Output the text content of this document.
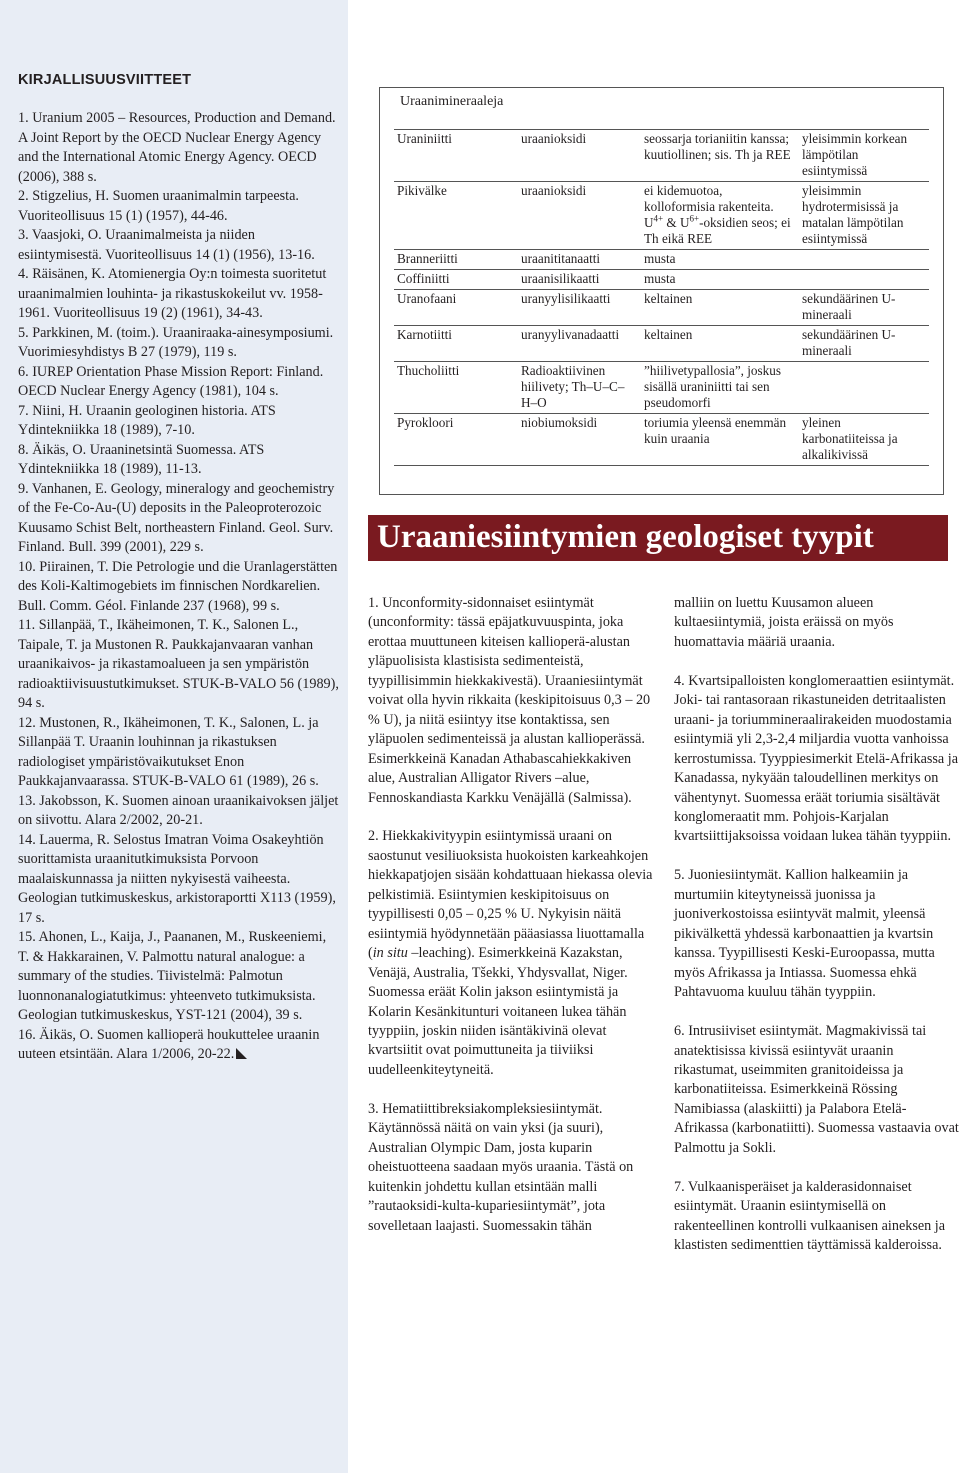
KIRJALLISUUSVIITTEET

1. Uranium 2005 – Resources, Production and Demand. A Joint Report by the OECD Nuclear Energy Agency and the International Atomic Energy Agency. OECD (2006), 388 s.

2. Stigzelius, H. Suomen uraanimalmin tarpeesta. Vuoriteollisuus 15 (1) (1957), 44-46.

3. Vaasjoki, O. Uraanimalmeista ja niiden esiintymisestä. Vuoriteollisuus 14 (1) (1956), 13-16.

4. Räisänen, K. Atomienergia Oy:n toimesta suoritetut uraanimalmien louhinta- ja rikastuskokeilut vv. 1958-1961. Vuoriteollisuus 19 (2) (1961), 34-43.

5. Parkkinen, M. (toim.). Uraaniraaka-ainesymposiumi. Vuorimiesyhdistys B 27 (1979), 119 s.

6. IUREP Orientation Phase Mission Report: Finland. OECD Nuclear Energy Agency (1981), 104 s.

7. Niini, H. Uraanin geologinen historia. ATS Ydintekniikka 18 (1989), 7-10.

8. Äikäs, O. Uraaninetsintä Suomessa. ATS Ydintekniikka 18 (1989), 11-13.

9. Vanhanen, E. Geology, mineralogy and geochemistry of the Fe-Co-Au-(U) deposits in the Paleoproterozoic Kuusamo Schist Belt, northeastern Finland. Geol. Surv. Finland. Bull. 399 (2001), 229 s.

10. Piirainen, T. Die Petrologie und die Uranlagerstätten des Koli-Kaltimogebiets im finnischen Nordkarelien. Bull. Comm. Géol. Finlande 237 (1968), 99 s.

11. Sillanpää, T., Ikäheimonen, T. K., Salonen L., Taipale, T. ja Mustonen R. Paukkajanvaaran vanhan uraanikaivos- ja rikastamoalueen ja sen ympäristön radioaktiivisuustutkimukset. STUK-B-VALO 56 (1989), 94 s.

12. Mustonen, R., Ikäheimonen, T. K., Salonen, L. ja Sillanpää T. Uraanin louhinnan ja rikastuksen radiologiset ympäristövaikutukset Enon Paukkajanvaarassa. STUK-B-VALO 61 (1989), 26 s.

13. Jakobsson, K. Suomen ainoan uraanikaivoksen jäljet on siivottu. Alara 2/2002, 20-21.

14. Lauerma, R. Selostus Imatran Voima Osakeyhtiön suorittamista uraanitutkimuksista Porvoon maalaiskunnassa ja niitten nykyisestä vaiheesta. Geologian tutkimuskeskus, arkistoraportti X113 (1959), 17 s.

15. Ahonen, L., Kaija, J., Paananen, M., Ruskeeniemi, T. & Hakkarainen, V. Palmottu natural analogue: a summary of the studies. Tiivistelmä: Palmotun luonnonanalogiatutkimus: yhteenveto tutkimuksista. Geologian tutkimuskeskus, YST-121 (2004), 39 s.

16. Äikäs, O. Suomen kallioperä houkuttelee uraanin uuteen etsintään. Alara 1/2006, 20-22.

Uraanimineraaleja

Uraniniitti	uraanioksidi	seossarja torianiitin kanssa; kuutiollinen; sis. Th ja REE	yleisimmin korkean lämpötilan esiintymissä
Pikivälke	uraanioksidi	ei kidemuotoa, kolloformisia rakenteita. $U^{4+}$ & $U^{6+}$-oksidien seos; ei Th eikä REE	yleisimmin hydrotermisissä ja matalan lämpötilan esiintymissä
Branneriitti	uraanititanaatti	musta	
Coffiniitti	uraanisilikaatti	musta	
Uranofaani	uranyylisilikaatti	keltainen	sekundäärinen U-mineraali
Karnotiitti	uranyylivanadaatti	keltainen	sekundäärinen U-mineraali
Thucholiitti	Radioaktiivinen hiilivety; Th–U–C–H–O	”hiilivetypallosia”, joskus sisällä uraniniitti tai sen pseudomorfi	
Pyrokloori	niobiumoksidi	toriumia yleensä enemmän kuin uraania	yleinen karbonatiiteissa ja alkalikivissä
Uraaniesiintymien geologiset tyypit

1. Unconformity-sidonnaiset esiintymät (unconformity: tässä epäjatkuvuuspinta, joka erottaa muuttuneen kiteisen kallioperä-alustan yläpuolisista klastisista sedimenteistä, tyypillisimmin hiekkakivestä). Uraaniesiintymät voivat olla hyvin rikkaita (keskipitoisuus 0,3 – 20 % U), ja niitä esiintyy itse kontaktissa, sen yläpuolen sedimenteissä ja alustan kallioperässä. Esimerkkeinä Kanadan Athabascahiekkakiven alue, Australian Alligator Rivers –alue, Fennoskandiasta Karkku Venäjällä (Salmissa).

2. Hiekkakivityypin esiintymissä uraani on saostunut vesiliuoksista huokoisten karkeahkojen hiekkapatjojen sisään kohdattuaan hiekassa olevia pelkistimiä. Esiintymien keskipitoisuus on tyypillisesti 0,05 – 0,25 % U. Nykyisin näitä esiintymiä hyödynnetään pääasiassa liuottamalla (in situ –leaching). Esimerkkeinä Kazakstan, Venäjä, Australia, Tšekki, Yhdysvallat, Niger. Suomessa eräät Kolin jakson esiintymistä ja Kolarin Kesänkitunturi voitaneen lukea tähän tyyppiin, joskin niiden isäntäkivinä olevat kvartsiitit ovat poimuttuneita ja tiiviiksi uudelleenkiteytyneitä.

3. Hematiittibreksiakompleksiesiintymät. Käytännössä näitä on vain yksi (ja suuri), Australian Olympic Dam, josta kuparin oheistuotteena saadaan myös uraania. Tästä on kuitenkin johdettu kullan etsintään malli ”rautaoksidi-kulta-kupariesiintymät”, jota sovelletaan laajasti. Suomessakin tähän

malliin on luettu Kuusamon alueen kultaesiintymiä, joista eräissä on myös huomattavia määriä uraania.

4. Kvartsipalloisten konglomeraattien esiintymät. Joki- tai rantasoraan rikastuneiden detritaalisten uraani- ja toriummineraalirakeiden muodostamia esiintymiä yli 2,3-2,4 miljardia vuotta vanhoissa kerrostumissa. Tyyppiesimerkit Etelä-Afrikassa ja Kanadassa, nykyään taloudellinen merkitys on vähentynyt. Suomessa eräät toriumia sisältävät konglomeraatit mm. Pohjois-Karjalan kvartsiittijaksoissa voidaan lukea tähän tyyppiin.

5. Juoniesiintymät. Kallion halkeamiin ja murtumiin kiteytyneissä juonissa ja juoniverkostoissa esiintyvät malmit, yleensä pikivälkettä yhdessä karbonaattien ja kvartsin kanssa. Tyypillisesti Keski-Euroopassa, mutta myös Afrikassa ja Intiassa. Suomessa ehkä Pahtavuoma kuuluu tähän tyyppiin.

6. Intrusiiviset esiintymät. Magmakivissä tai anatektisissa kivissä esiintyvät uraanin rikastumat, useimmiten granitoideissa ja karbonatiiteissa. Esimerkkeinä Rössing Namibiassa (alaskiitti) ja Palabora Etelä-Afrikassa (karbonatiitti). Suomessa vastaavia ovat Palmottu ja Sokli.

7. Vulkaanisperäiset ja kalderasidonnaiset esiintymät. Uraanin esiintymisellä on rakenteellinen kontrolli vulkaanisen aineksen ja klastisten sedimenttien täyttämissä kalderoissa.
